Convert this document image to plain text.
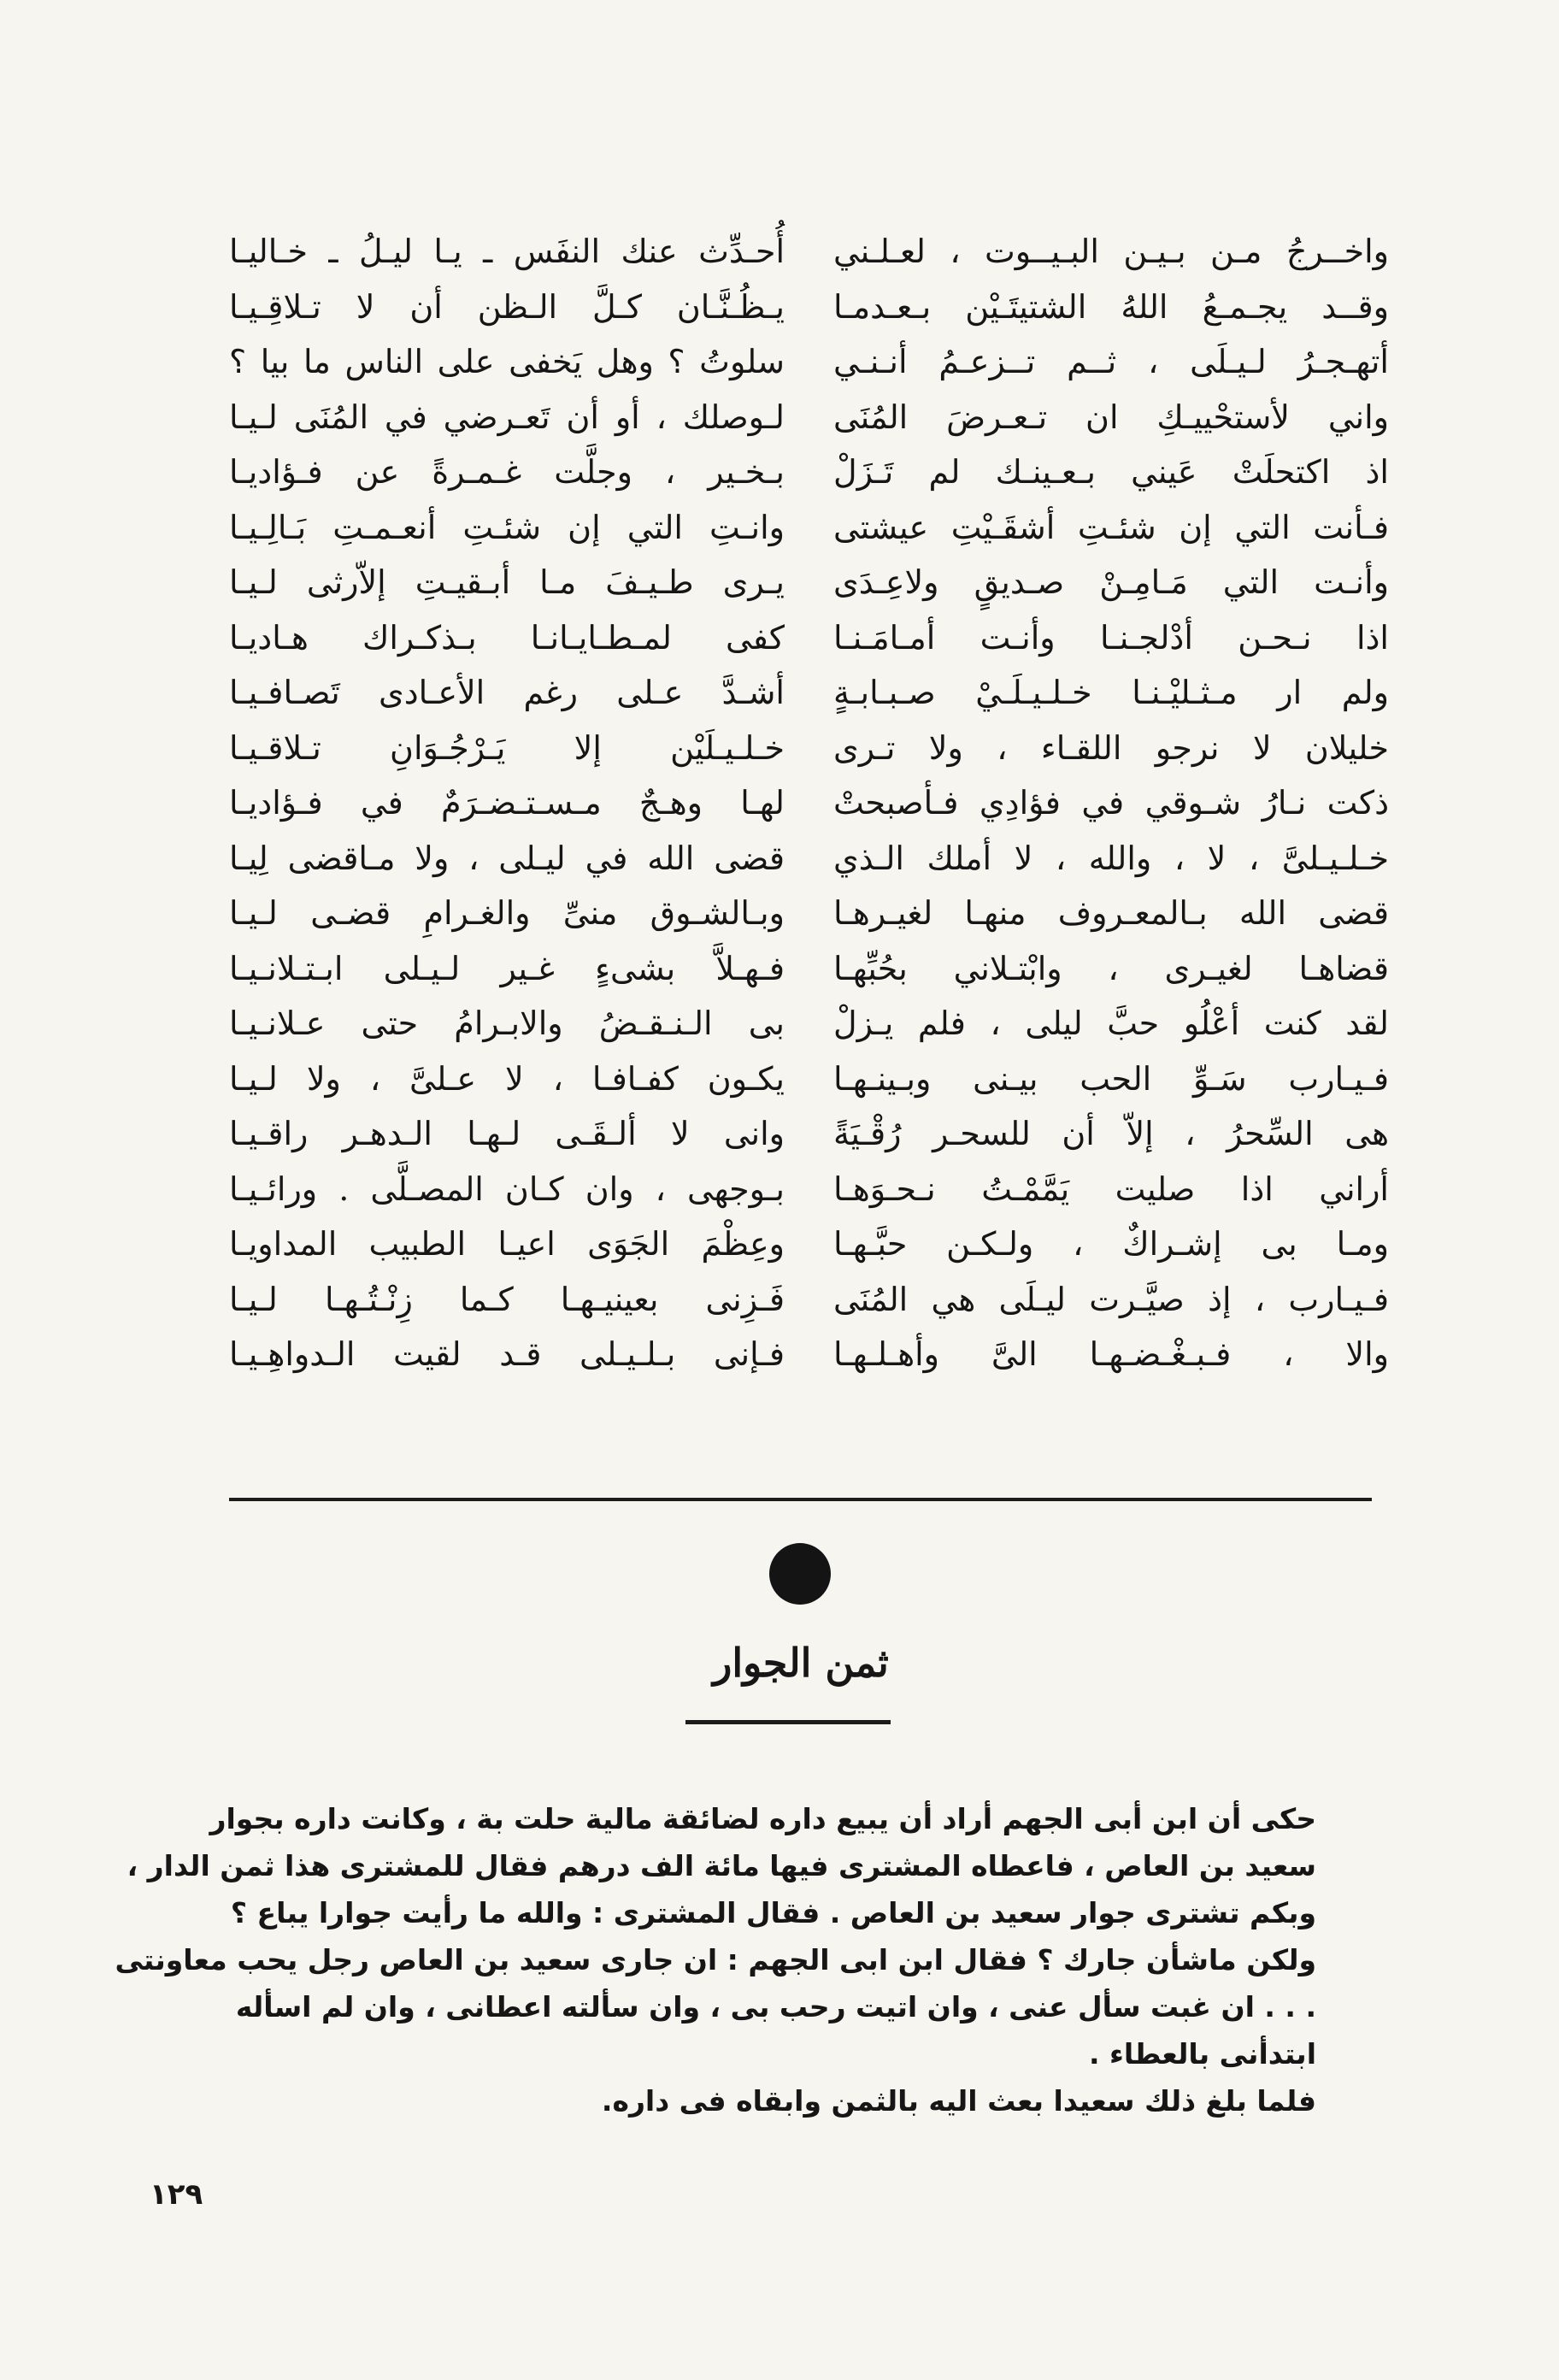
واخــرجُ مـن بـيـن البـيــوت ، لعـلـني
وقــد يجـمـعُ اللهُ الشتيتَـيْن بـعـدمـا
أتهـجـرُ لـيـلَى ، ثــم تــزعـمُ أنـنـي
واني لأستحْييـكِ ان تـعـرضَ المُنَى
اذ اكتحلَتْ عَيني بـعـينـك لم تَـزَلْ
فـأنت التي إن شئـتِ أشقَـيْتِ عيشتى
وأنـت التي مَـامِـنْ صـديقٍ ولاعِـدَى
اذا نـحـن أدْلجـنـا وأنـت أمـامَـنـا
ولم ار مـثـليْـنـا خـلـيـلَـيْ صـبـابـةٍ
خليلان لا نرجو اللقـاء ، ولا تـرى
ذكت نـارُ شـوقي في فؤادِي فـأصبحتْ
خـلـيـلىَّ ، لا ، والله ، لا أملك الـذي
قضى الله بـالمعـروف منهـا لغيـرهـا
قضاهـا لغيـرى ، وابْتـلاني بحُبِّهـا
لقد كنت أعْلُو حبَّ ليلى ، فلم يـزلْ
فـيـارب سَـوِّ الحب بيـنى وبـينـهـا
هى السِّحرُ ، إلاّ أن للسحـر رُقْـيَةً
أراني اذا صليت يَمَّمْـتُ نـحـوَهـا
ومـا بى إشـراكٌ ، ولـكـن حبَّـهـا
فـيـارب ، إذ صيَّـرت ليـلَى هي المُنَى
والا ، فـبـغْـضـهـا الىَّ وأهـلـهـا
أُحـدِّث عنك النفَس ـ يـا ليـلُ ـ خـاليـا
يـظُـنَّـان كـلَّ الـظن أن لا تـلاقِـيـا
سلوتُ ؟ وهل يَخفى على الناس ما بيا ؟
لـوصلك ، أو أن تَعـرضي في المُنَى لـيـا
بـخـير ، وجلَّت غـمـرةً عن فـؤاديـا
وانـتِ التي إن شئـتِ أنعـمـتِ بَـالِـيـا
يـرى طـيـفَ مـا أبـقيـتِ إلاّرثى لـيـا
كفى لمـطـايـانـا بـذكـراك هـاديـا
أشـدَّ عـلى رغم الأعـادى تَصـافـيـا
خـلـيـلَيْن إلا يَـرْجُـوَانِ تـلاقـيـا
لهـا وهـجٌ مـسـتـضـرَمٌ في فـؤاديـا
قضى الله في ليـلى ، ولا مـاقضى لِيـا
وبـالشـوق منىِّ والغـرامِ قضـى لـيـا
فـهـلاَّ بشىءٍ غـير لـيـلى ابـتـلانـيـا
بى الـنـقـضُ والابـرامُ حتى عـلانـيـا
يكـون كفـافـا ، لا عـلىَّ ، ولا لـيـا
وانى لا ألـقَـى لـهـا الـدهـر راقـيـا
بـوجهى ، وان كـان المصـلَّى . ورائـيـا
وعِظْمَ الجَوَى اعيـا الطبيب المداويـا
فَـزِنى بعينيـهـا كـما زِنْـتُـهـا لـيـا
فـإنى بـلـيـلى قـد لقيت الـدواهِـيـا
ثمن الجوار
حكى أن ابن أبى الجهم أراد أن يبيع داره لضائقة مالية حلت بة ، وكانت داره بجوار
سعيد بن العاص ، فاعطاه المشترى فيها مائة الف درهم فقال للمشترى هذا ثمن الدار ،
وبكم تشترى جوار سعيد بن العاص . فقال المشترى : والله ما رأيت جوارا يباع ؟
ولكن ماشأن جارك ؟ فقال ابن ابى الجهم : ان جارى سعيد بن العاص رجل يحب معاونتى
. . . ان غبت سأل عنى ، وان اتيت رحب بى ، وان سألته اعطانى ، وان لم اسأله
ابتدأنى بالعطاء .
فلما بلغ ذلك سعيدا بعث اليه بالثمن وابقاه فى داره.
١٢٩
